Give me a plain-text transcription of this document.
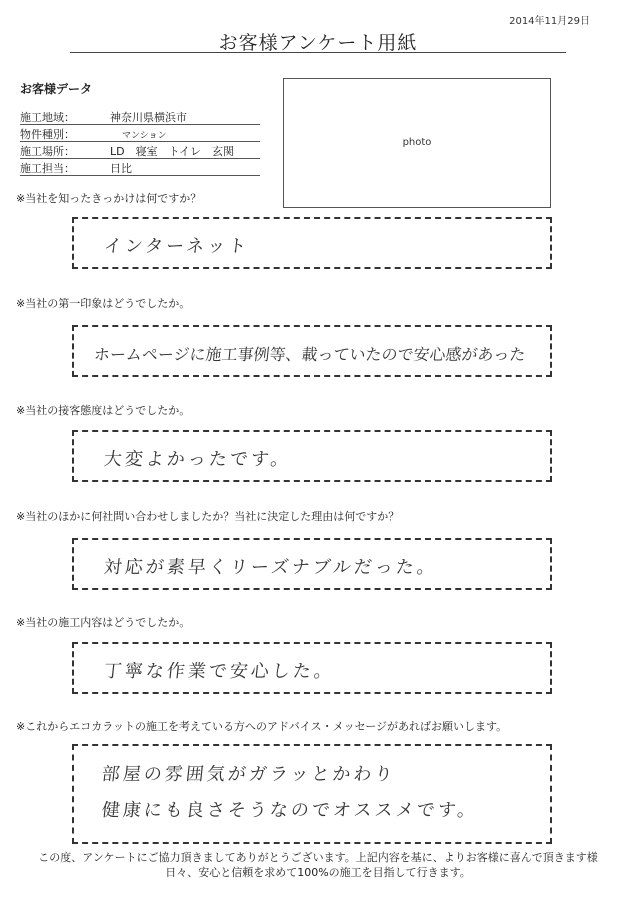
2014年11月29日
お客様アンケート用紙
お客様データ
施工地域：	神奈川県横浜市
物件種別：	マンション
施工場所：	LD　寝室　トイレ　玄関
施工担当：	日比
photo
※当社を知ったきっかけは何ですか？
インターネット
※当社の第一印象はどうでしたか。
ホームページに施工事例等、載っていたので安心感があった
※当社の接客態度はどうでしたか。
大変よかったです。
※当社のほかに何社問い合わせしましたか？当社に決定した理由は何ですか？
対応が素早くリーズナブルだった。
※当社の施工内容はどうでしたか。
丁寧な作業で安心した。
※これからエコカラットの施工を考えている方へのアドバイス・メッセージがあればお願いします。
部屋の雰囲気がガラッとかわり
健康にも良さそうなのでオススメです。
この度、アンケートにご協力頂きましてありがとうございます。上記内容を基に、よりお客様に喜んで頂きます様
日々、安心と信頼を求めて100%の施工を目指して行きます。
